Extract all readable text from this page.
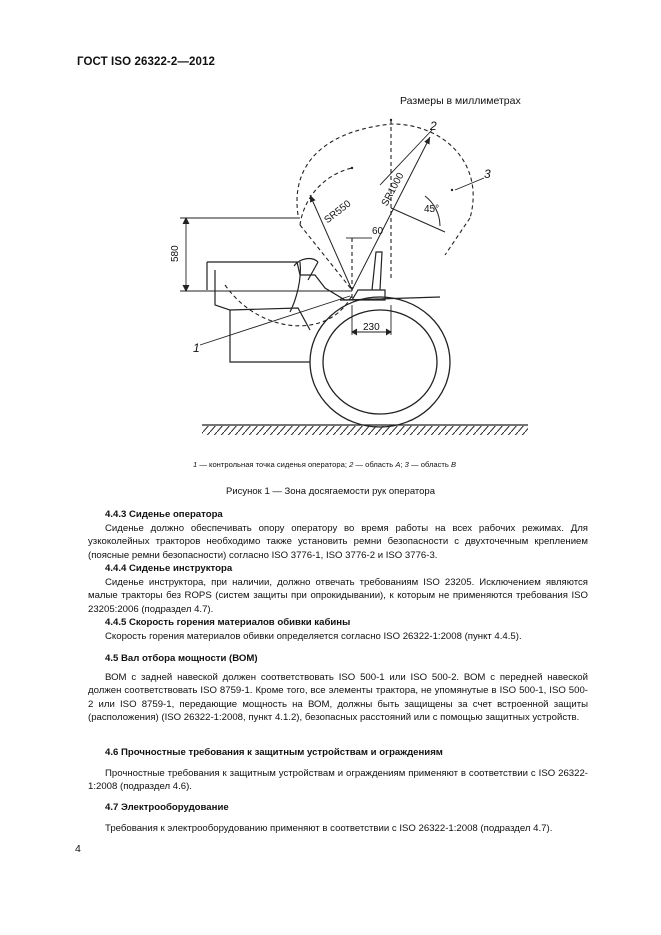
ГОСТ ISO 26322-2—2012
Размеры в миллиметрах
SR550
SR1000
45°
60
580
230
1
2
3
1 — контрольная точка сиденья оператора; 2 — область A; 3 — область B
Рисунок 1 — Зона досягаемости рук оператора

4.4.3 Сиденье оператора

Сиденье должно обеспечивать опору оператору во время работы на всех рабочих режимах. Для узкоколейных тракторов необходимо также установить ремни безопасности с двухточечным креплением (поясные ремни безопасности) согласно ISO 3776-1, ISO 3776-2 и ISO 3776-3.

4.4.4 Сиденье инструктора

Сиденье инструктора, при наличии, должно отвечать требованиям ISO 23205. Исключением являются малые тракторы без ROPS (систем защиты при опрокидывании), к которым не применяются требования ISO 23205:2006 (подраздел 4.7).

4.4.5 Скорость горения материалов обивки кабины

Скорость горения материалов обивки определяется согласно ISO 26322-1:2008 (пункт 4.4.5).

4.5 Вал отбора мощности (ВОМ)

ВОМ с задней навеской должен соответствовать ISO 500-1 или ISO 500-2. ВОМ с передней навеской должен соответствовать ISO 8759-1. Кроме того, все элементы трактора, не упомянутые в ISO 500-1, ISO 500-2 или ISO 8759-1, передающие мощность на ВОМ, должны быть защищены за счет встроенной защиты (расположения) (ISO 26322-1:2008, пункт 4.1.2), безопасных расстояний или с помощью защитных устройств.

4.6 Прочностные требования к защитным устройствам и ограждениям

Прочностные требования к защитным устройствам и ограждениям применяют в соответствии с ISO 26322-1:2008 (подраздел 4.6).

4.7 Электрооборудование

Требования к электрооборудованию применяют в соответствии с ISO 26322-1:2008 (подраздел 4.7).

4
